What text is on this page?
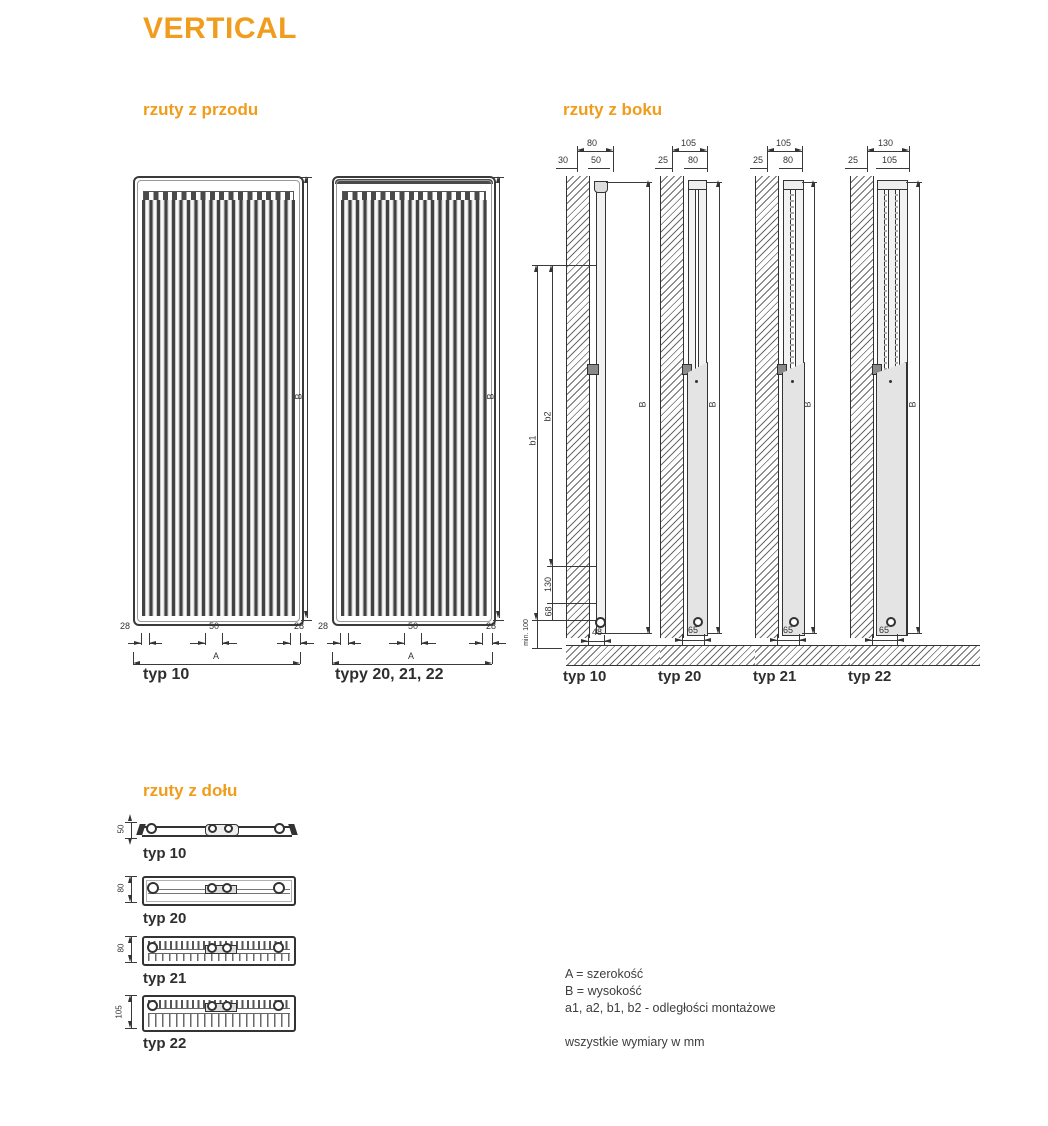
VERTICAL
rzuty z przodu
B
28	50	28
A
typ 10
B
28	50	28
A
typy 20, 21, 22
rzuty z boku
80
30	50
B
b1
b2
130
68
min. 100	48
typ 10
105
25 80
B
65
typ 20
105
25 80
B
65
typ 21
130
25	105
B
65
typ 22
rzuty z dołu
50
typ 10
80
typ 20
80
typ 21
105
typ 22
A = szerokość
B = wysokość
a1, a2, b1, b2 - odległości montażowe
wszystkie wymiary w mm
